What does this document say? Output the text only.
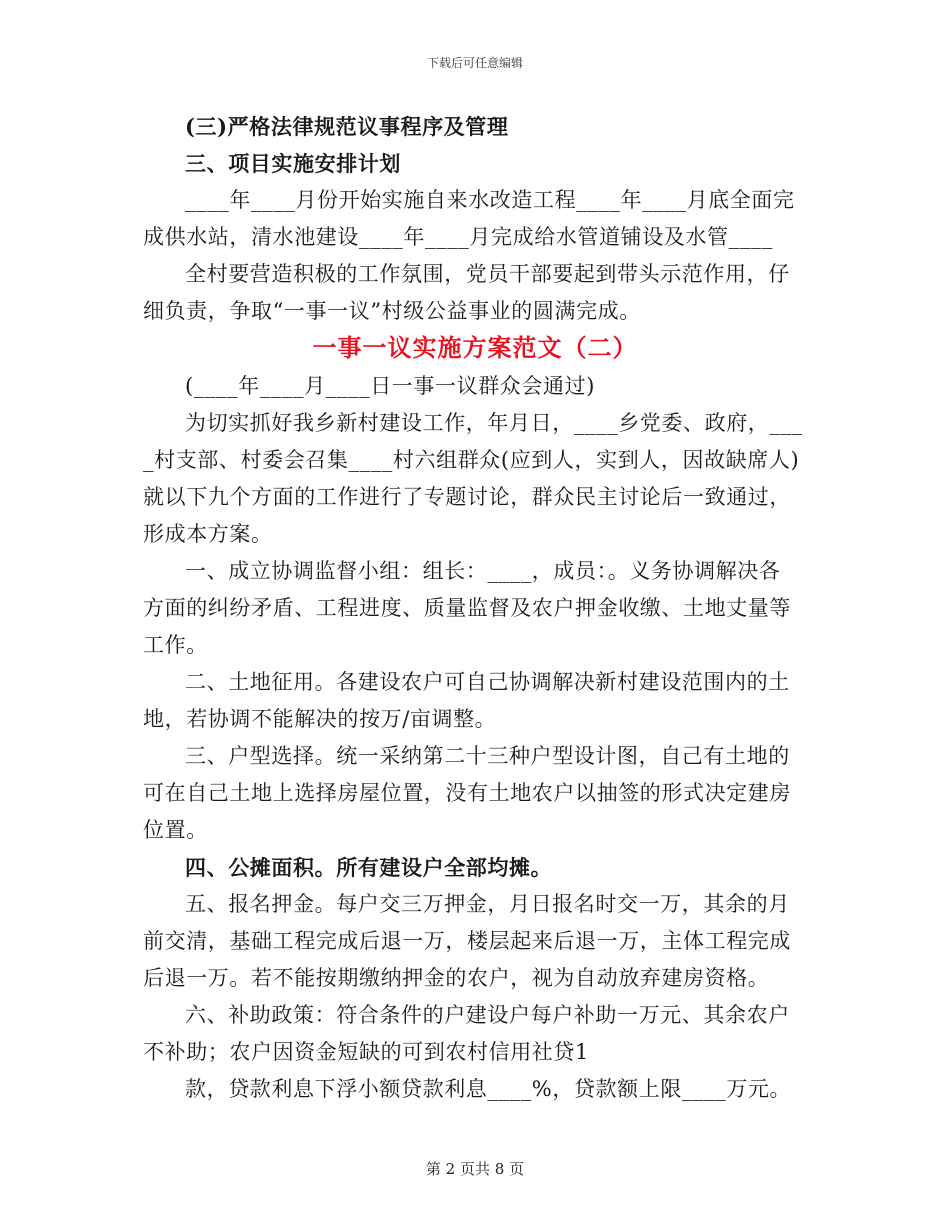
下载后可任意编辑
(三)严格法律规范议事程序及管理
三、项目实施安排计划
____年____月份开始实施自来水改造工程____年____月底全面完
成供水站，清水池建设____年____月完成给水管道铺设及水管____
全村要营造积极的工作氛围，党员干部要起到带头示范作用，仔
细负责，争取“一事一议”村级公益事业的圆满完成。
一事一议实施方案范文（二）
(____年____月____日一事一议群众会通过)
为切实抓好我乡新村建设工作，年月日，____乡党委、政府，___
_村支部、村委会召集____村六组群众(应到人，实到人，因故缺席人)
就以下九个方面的工作进行了专题讨论，群众民主讨论后一致通过，
形成本方案。
一、成立协调监督小组：组长：____，成员：。义务协调解决各
方面的纠纷矛盾、工程进度、质量监督及农户押金收缴、土地丈量等
工作。
二、土地征用。各建设农户可自己协调解决新村建设范围内的土
地，若协调不能解决的按万/亩调整。
三、户型选择。统一采纳第二十三种户型设计图，自己有土地的
可在自己土地上选择房屋位置，没有土地农户以抽签的形式决定建房
位置。
四、公摊面积。所有建设户全部均摊。
五、报名押金。每户交三万押金，月日报名时交一万，其余的月
前交清，基础工程完成后退一万，楼层起来后退一万，主体工程完成
后退一万。若不能按期缴纳押金的农户，视为自动放弃建房资格。
六、补助政策：符合条件的户建设户每户补助一万元、其余农户
不补助；农户因资金短缺的可到农村信用社贷1
款，贷款利息下浮小额贷款利息____%，贷款额上限____万元。
第 2 页共 8 页
